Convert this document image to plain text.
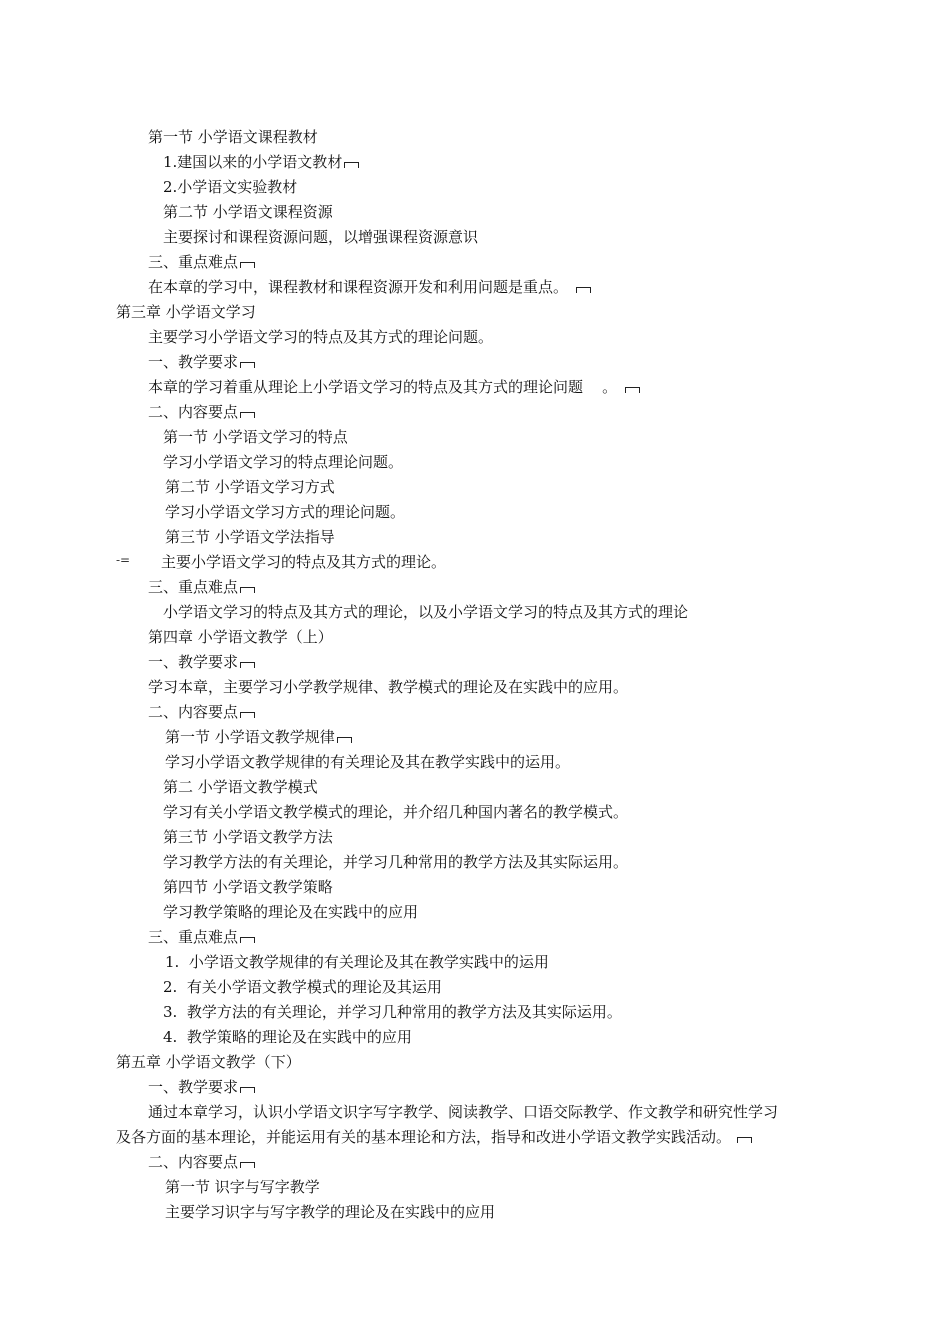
第一节 小学语文课程教材
1.建国以来的小学语文教材
2.小学语文实验教材
第二节 小学语文课程资源
主要探讨和课程资源问题，以增强课程资源意识
三、重点难点
在本章的学习中，课程教材和课程资源开发和利用问题是重点。
第三章 小学语文学习
主要学习小学语文学习的特点及其方式的理论问题。
一、教学要求
本章的学习着重从理论上小学语文学习的特点及其方式的理论问题    。
二、内容要点
第一节 小学语文学习的特点
学习小学语文学习的特点理论问题。
第二节 小学语文学习方式
学习小学语文学习方式的理论问题。
第三节 小学语文学法指导
-= 主要小学语文学习的特点及其方式的理论。
三、重点难点
小学语文学习的特点及其方式的理论，以及小学语文学习的特点及其方式的理论
第四章 小学语文教学（上）
一、教学要求
学习本章，主要学习小学教学规律、教学模式的理论及在实践中的应用。
二、内容要点
第一节 小学语文教学规律
学习小学语文教学规律的有关理论及其在教学实践中的运用。
第二 小学语文教学模式
学习有关小学语文教学模式的理论，并介绍几种国内著名的教学模式。
第三节 小学语文教学方法
学习教学方法的有关理论，并学习几种常用的教学方法及其实际运用。
第四节 小学语文教学策略
学习教学策略的理论及在实践中的应用
三、重点难点
1.  小学语文教学规律的有关理论及其在教学实践中的运用
2.  有关小学语文教学模式的理论及其运用
3.  教学方法的有关理论，并学习几种常用的教学方法及其实际运用。
4.  教学策略的理论及在实践中的应用
第五章 小学语文教学（下）
一、教学要求
通过本章学习，认识小学语文识字写字教学、阅读教学、口语交际教学、作文教学和研究性学习
及各方面的基本理论，并能运用有关的基本理论和方法，指导和改进小学语文教学实践活动。
二、内容要点
第一节 识字与写字教学
主要学习识字与写字教学的理论及在实践中的应用
